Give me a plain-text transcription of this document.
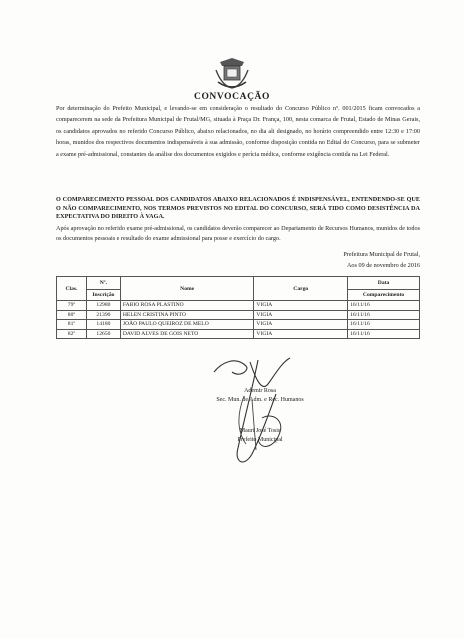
CONVOCAÇÃO
Por determinação do Prefeito Municipal, e levando-se em consideração o resultado do Concurso Público nº. 001/2015 ficam convocados a comparecerem na sede da Prefeitura Municipal de Frutal/MG, situada à Praça Dr. França, 100, nesta comarca de Frutal, Estado de Minas Gerais, os candidatos aprovados no referido Concurso Público, abaixo relacionados, no dia ali designado, no horário compreendido entre 12:30 e 17:00 horas, munidos dos respectivos documentos indispensáveis à sua admissão, conforme disposição contida no Edital do Concurso, para se submeter a exame pré-admissional, constantes da análise dos documentos exigidos e perícia médica, conforme exigência contida na Lei Federal.
O COMPARECIMENTO PESSOAL DOS CANDIDATOS ABAIXO RELACIONADOS É INDISPENSÁVEL, ENTENDENDO-SE QUE O NÃO COMPARECIMENTO, NOS TERMOS PREVISTOS NO EDITAL DO CONCURSO, SERÁ TIDO COMO DESISTÊNCIA DA EXPECTATIVA DO DIREITO À VAGA.
Após aprovação no referido exame pré-admissional, os candidatos deverão comparecer ao Departamento de Recursos Humanos, munidos de todos os documentos pessoais e resultado do exame admissional para posse e exercício do cargo.
Prefeitura Municipal de Frutal,
Aos 09 de novembro de 2016
Clas.	Nº.	Nome	Cargo	Data
	Inscrição			Comparecimento
79º	12980	FABIO ROSA PLASTINO	VIGIA	16/11/16
80º	21390	HELEN CRISTINA PINTO	VIGIA	16/11/16
81º	14180	JOÃO PAULO QUEIROZ DE MELO	VIGIA	16/11/16
82º	12650	DAVID ALVES DE GOIS NETO	VIGIA	16/11/16
Ademir Rosa
Sec. Mun. de Adm. e Rec. Humanos
Mauri José Tosis
Prefeito Municipal
